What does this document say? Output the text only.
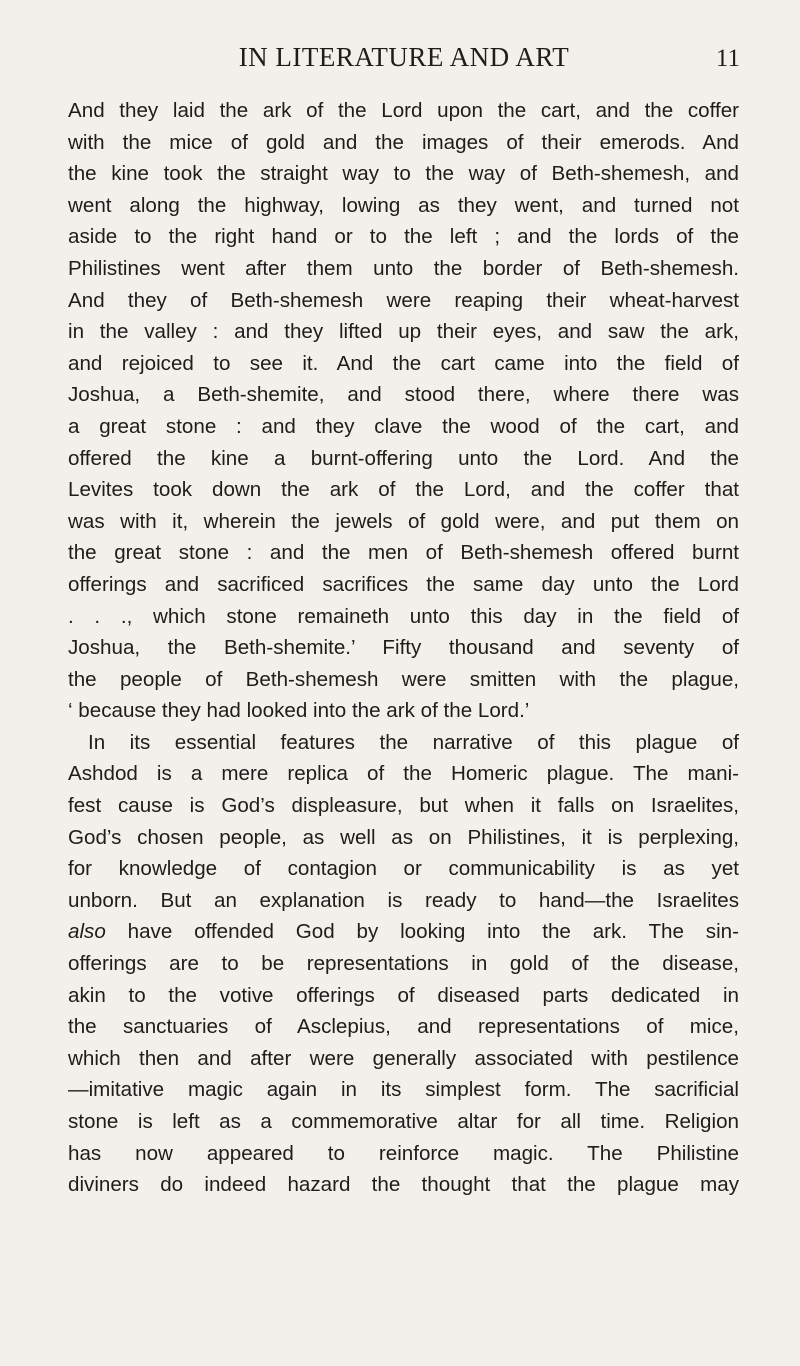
IN LITERATURE AND ART	11
And they laid the ark of the Lord upon the cart, and the coffer
with the mice of gold and the images of their emerods. And
the kine took the straight way to the way of Beth-shemesh, and
went along the highway, lowing as they went, and turned not
aside to the right hand or to the left ; and the lords of the
Philistines went after them unto the border of Beth-shemesh.
And they of Beth-shemesh were reaping their wheat-harvest
in the valley : and they lifted up their eyes, and saw the ark,
and rejoiced to see it. And the cart came into the field of
Joshua, a Beth-shemite, and stood there, where there was
a great stone : and they clave the wood of the cart, and
offered the kine a burnt-offering unto the Lord. And the
Levites took down the ark of the Lord, and the coffer that
was with it, wherein the jewels of gold were, and put them on
the great stone : and the men of Beth-shemesh offered burnt
offerings and sacrificed sacrifices the same day unto the Lord
. . ., which stone remaineth unto this day in the field of
Joshua, the Beth-shemite.’ Fifty thousand and seventy of
the people of Beth-shemesh were smitten with the plague,
‘ because they had looked into the ark of the Lord.’
In its essential features the narrative of this plague of
Ashdod is a mere replica of the Homeric plague. The mani-
fest cause is God’s displeasure, but when it falls on Israelites,
God’s chosen people, as well as on Philistines, it is perplexing,
for knowledge of contagion or communicability is as yet
unborn. But an explanation is ready to hand—the Israelites
also have offended God by looking into the ark. The sin-
offerings are to be representations in gold of the disease,
akin to the votive offerings of diseased parts dedicated in
the sanctuaries of Asclepius, and representations of mice,
which then and after were generally associated with pestilence
—imitative magic again in its simplest form. The sacrificial
stone is left as a commemorative altar for all time. Religion
has now appeared to reinforce magic. The Philistine
diviners do indeed hazard the thought that the plague may
